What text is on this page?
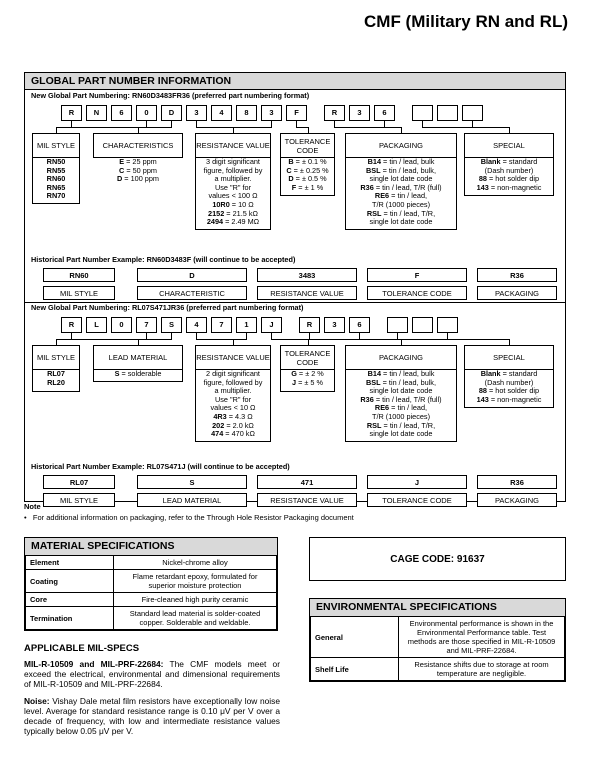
CMF (Military RN and RL)
GLOBAL PART NUMBER INFORMATION
New Global Part Numbering: RN60D3483FR36 (preferred part numbering format)
R	N	6	0	D	3	4	8	3	F	R	3	6
MIL STYLE	CHARACTERISTICS	RESISTANCE VALUE	TOLERANCE CODE	PACKAGING	SPECIAL
RN50
RN55
RN60
RN65
RN70
E = 25 ppm
C = 50 ppm
D = 100 ppm
3 digit significant
figure, followed by
a multiplier.
Use "R" for
values < 100 Ω
10R0 = 10 Ω
2152 = 21.5 kΩ
2494 = 2.49 MΩ
B = ± 0.1 %
C = ± 0.25 %
D = ± 0.5 %
F = ± 1 %
B14 = tin / lead, bulk
BSL = tin / lead, bulk,
single lot date code
R36 = tin / lead, T/R (full)
RE6 = tin / lead,
T/R (1000 pieces)
RSL = tin / lead, T/R,
single lot date code
Blank = standard
(Dash number)
88 = hot solder dip
143 = non-magnetic
Historical Part Number Example: RN60D3483F (will continue to be accepted)
RN60	D	3483	F	R36
MIL STYLE	CHARACTERISTIC	RESISTANCE VALUE	TOLERANCE CODE	PACKAGING
New Global Part Numbering: RL07S471JR36 (preferred part numbering format)
R	L	0	7	S	4	7	1	J	R	3	6
MIL STYLE	LEAD MATERIAL	RESISTANCE VALUE	TOLERANCE CODE	PACKAGING	SPECIAL
RL07
RL20
S = solderable	2 digit significant
figure, followed by
a multiplier.
Use "R" for
values < 10 Ω
4R3 = 4.3 Ω
202 = 2.0 kΩ
474 = 470 kΩ
G = ± 2 %
J = ± 5 %
B14 = tin / lead, bulk
BSL = tin / lead, bulk,
single lot date code
R36 = tin / lead, T/R (full)
RE6 = tin / lead,
T/R (1000 pieces)
RSL = tin / lead, T/R,
single lot date code
Blank = standard
(Dash number)
88 = hot solder dip
143 = non-magnetic
Historical Part Number Example: RL07S471J (will continue to be accepted)
RL07	S	471	J	R36
MIL STYLE	LEAD MATERIAL	RESISTANCE VALUE	TOLERANCE CODE	PACKAGING
Note
•   For additional information on packaging, refer to the Through Hole Resistor Packaging document
MATERIAL SPECIFICATIONS
Element	Nickel-chrome alloy
Coating	Flame retardant epoxy, formulated for superior moisture protection
Core	Fire-cleaned high purity ceramic
Termination	Standard lead material is solder-coated copper. Solderable and weldable.
CAGE CODE: 91637
ENVIRONMENTAL SPECIFICATIONS
General	Environmental performance is shown in the Environmental Performance table. Test methods are those specified in MIL-R-10509 and MIL-PRF-22684.
Shelf Life	Resistance shifts due to storage at room temperature are negligible.
APPLICABLE MIL-SPECS
MIL-R-10509 and MIL-PRF-22684: The CMF models meet or exceed the electrical, environmental and dimensional requirements of MIL-R-10509 and MIL-PRF-22684.
Noise: Vishay Dale metal film resistors have exceptionally low noise level. Average for standard resistance range is 0.10 μV per V over a decade of frequency, with low and intermediate resistance values typically below 0.05 μV per V.
